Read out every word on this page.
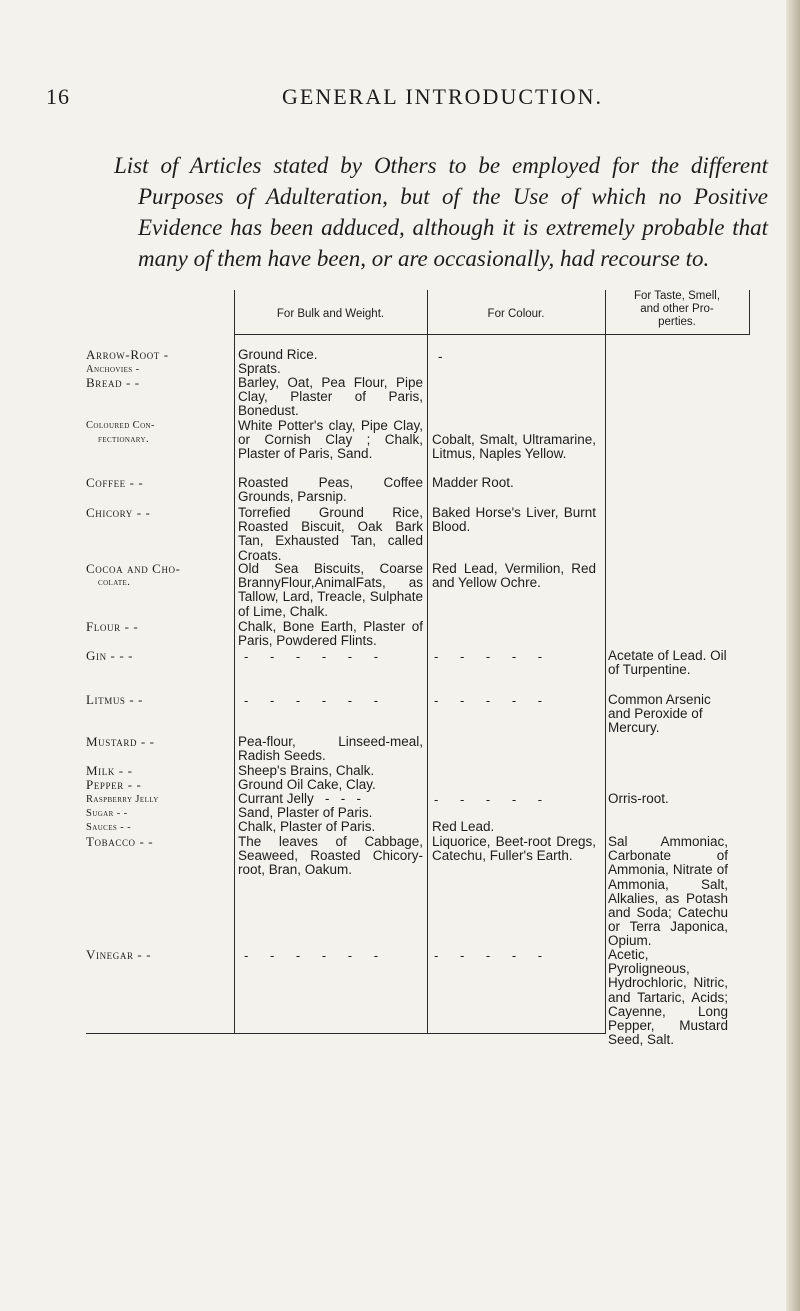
16	GENERAL INTRODUCTION.
List of Articles stated by Others to be employed for the different
Purposes of Adulteration, but of the Use of which no Positive
Evidence has been adduced, although it is extremely probable that
many of them have been, or are occasionally, had recourse to.
For Bulk and Weight.	For Colour.
For Taste, Smell,
and other Pro-
perties.
Arrow-Root -
Anchovies -
Bread - -
Coloured Con-
fectionary.
Coffee - -
Chicory - -
Cocoa and Cho-
colate.
Flour - -
Gin - - -
Litmus - -
Mustard - -
Milk - -
Pepper - -
Raspberry Jelly
Sugar - -
Sauces - -
Tobacco - -
Vinegar - -
Ground Rice.
Sprats.
Barley, Oat, Pea Flour, Pipe Clay, Plaster of Paris, Bonedust.
White Potter's clay, Pipe Clay, or Cornish Clay ; Chalk, Plaster of Paris, Sand.
Roasted Peas, Coffee Grounds, Parsnip.
Torrefied Ground Rice, Roasted Biscuit, Oak Bark Tan, Exhausted Tan, called Croats.
Old Sea Biscuits, Coarse BrannyFlour,AnimalFats, as Tallow, Lard, Treacle, Sulphate of Lime, Chalk.
Chalk, Bone Earth, Plaster of Paris, Powdered Flints.
- - - - - -
- - - - - -
Pea-flour, Linseed-meal, Radish Seeds.
Sheep's Brains, Chalk.
Ground Oil Cake, Clay.
Currant Jelly   -   -   -
Sand, Plaster of Paris.
Chalk, Plaster of Paris.
The leaves of Cabbage, Seaweed, Roasted Chicory-root, Bran, Oakum.
- - - - - -
-
Cobalt, Smalt, Ultramarine, Litmus, Naples Yellow.
Madder Root.
Baked Horse's Liver, Burnt Blood.
Red Lead, Vermilion, Red and Yellow Ochre.
- - - - -
- - - - -
- - - - -
Red Lead.
Liquorice, Beet-root Dregs, Catechu, Fuller's Earth.
- - - - -
Acetate of Lead. Oil of Turpentine.
Common Arsenic and Peroxide of Mercury.
Orris-root.
Sal Ammoniac, Carbonate of Ammonia, Nitrate of Ammonia, Salt, Alkalies, as Potash and Soda; Catechu or Terra Japonica, Opium.
Acetic, Pyroligneous, Hydrochloric, Nitric, and Tartaric, Acids; Cayenne, Long Pepper, Mustard Seed, Salt.
